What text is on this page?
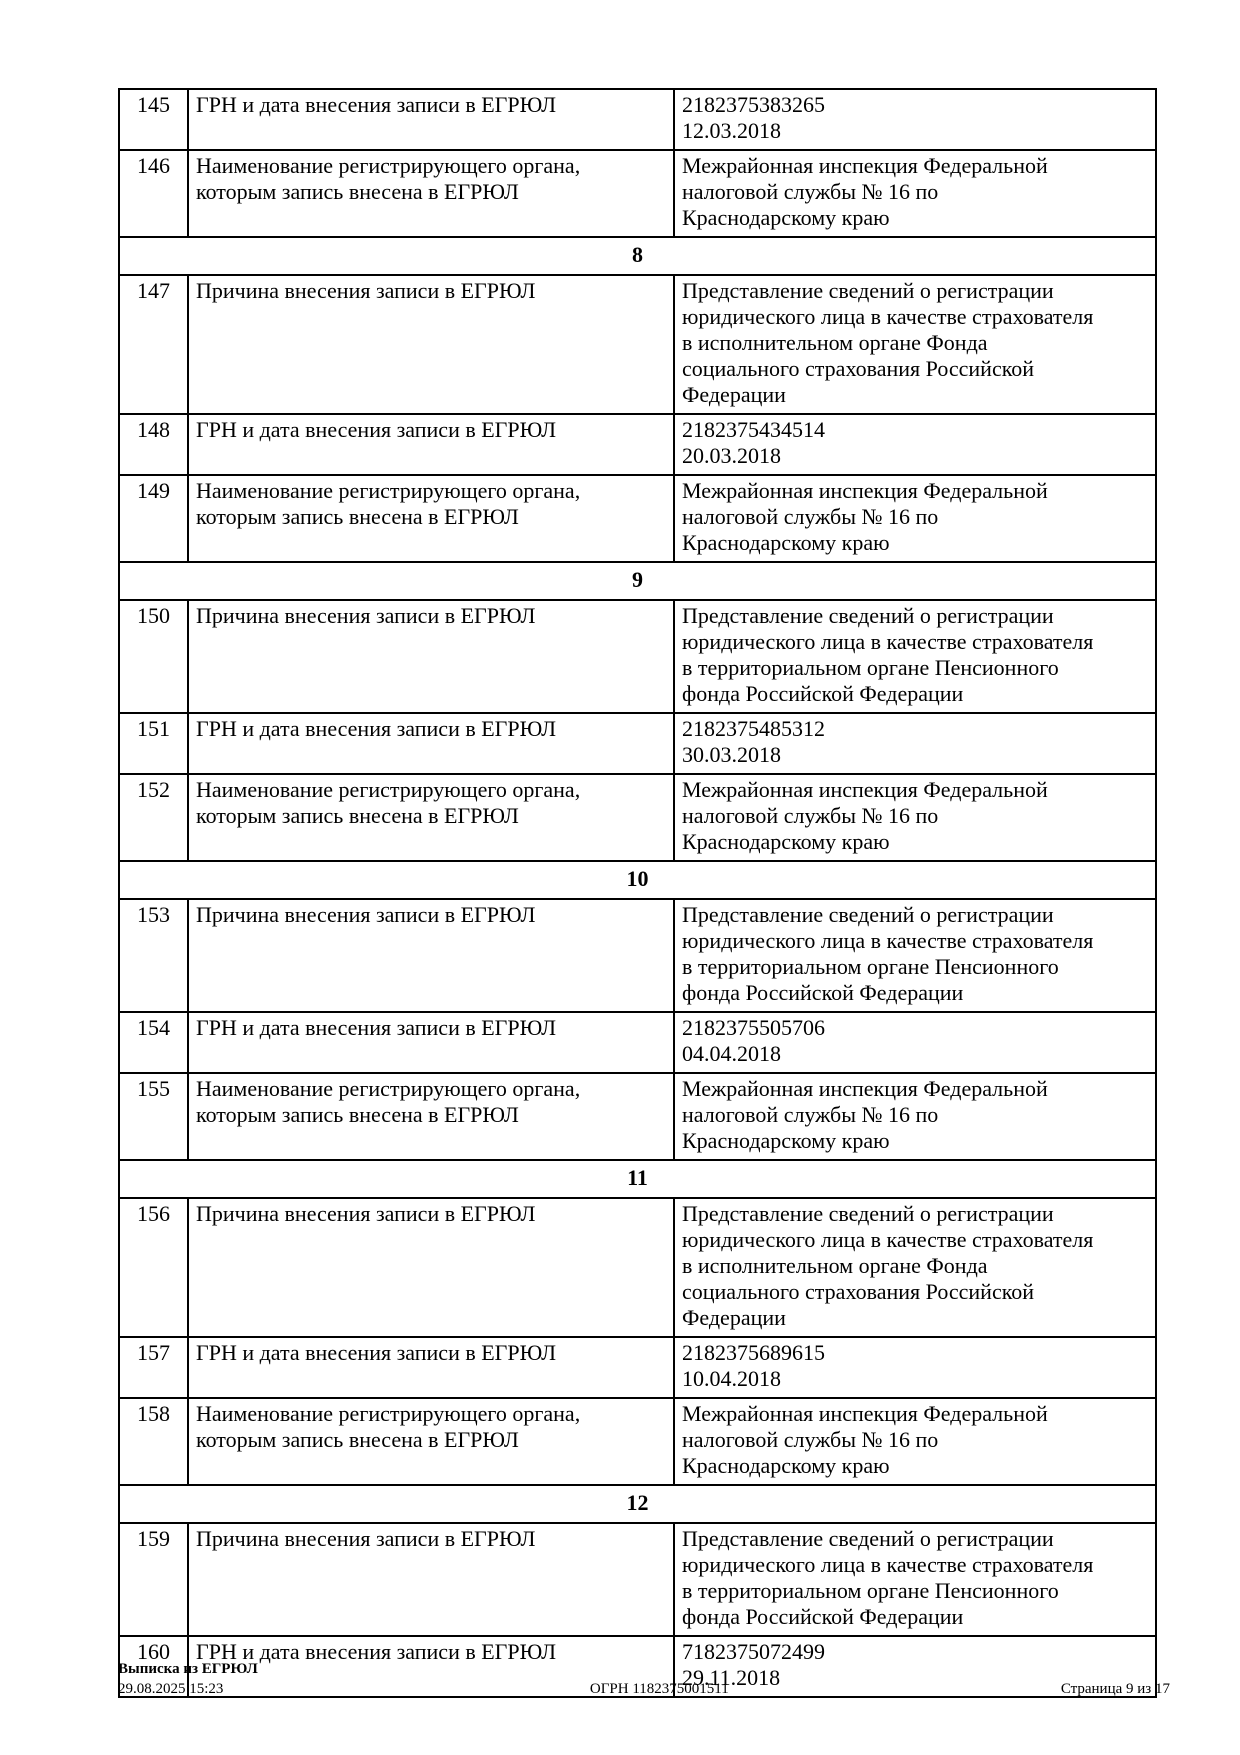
145	ГРН и дата внесения записи в ЕГРЮЛ	2182375383265
12.03.2018

146	Наименование регистрирующего органа,
которым запись внесена в ЕГРЮЛ	Межрайонная инспекция Федеральной
налоговой службы № 16 по
Краснодарскому краю

8		
147	Причина внесения записи в ЕГРЮЛ	Представление сведений о регистрации
юридического лица в качестве страхователя
в исполнительном органе Фонда
социального страхования Российской
Федерации

148	ГРН и дата внесения записи в ЕГРЮЛ	2182375434514
20.03.2018

149	Наименование регистрирующего органа,
которым запись внесена в ЕГРЮЛ	Межрайонная инспекция Федеральной
налоговой службы № 16 по
Краснодарскому краю

9		
150	Причина внесения записи в ЕГРЮЛ	Представление сведений о регистрации
юридического лица в качестве страхователя
в территориальном органе Пенсионного
фонда Российской Федерации

151	ГРН и дата внесения записи в ЕГРЮЛ	2182375485312
30.03.2018

152	Наименование регистрирующего органа,
которым запись внесена в ЕГРЮЛ	Межрайонная инспекция Федеральной
налоговой службы № 16 по
Краснодарскому краю

10		
153	Причина внесения записи в ЕГРЮЛ	Представление сведений о регистрации
юридического лица в качестве страхователя
в территориальном органе Пенсионного
фонда Российской Федерации

154	ГРН и дата внесения записи в ЕГРЮЛ	2182375505706
04.04.2018

155	Наименование регистрирующего органа,
которым запись внесена в ЕГРЮЛ	Межрайонная инспекция Федеральной
налоговой службы № 16 по
Краснодарскому краю

11		
156	Причина внесения записи в ЕГРЮЛ	Представление сведений о регистрации
юридического лица в качестве страхователя
в исполнительном органе Фонда
социального страхования Российской
Федерации

157	ГРН и дата внесения записи в ЕГРЮЛ	2182375689615
10.04.2018

158	Наименование регистрирующего органа,
которым запись внесена в ЕГРЮЛ	Межрайонная инспекция Федеральной
налоговой службы № 16 по
Краснодарскому краю

12		
159	Причина внесения записи в ЕГРЮЛ	Представление сведений о регистрации
юридического лица в качестве страхователя
в территориальном органе Пенсионного
фонда Российской Федерации

160	ГРН и дата внесения записи в ЕГРЮЛ	7182375072499
29.11.2018
Выписка из ЕГРЮЛ
29.08.2025 15:23	ОГРН 1182375001511	Страница 9 из 17
